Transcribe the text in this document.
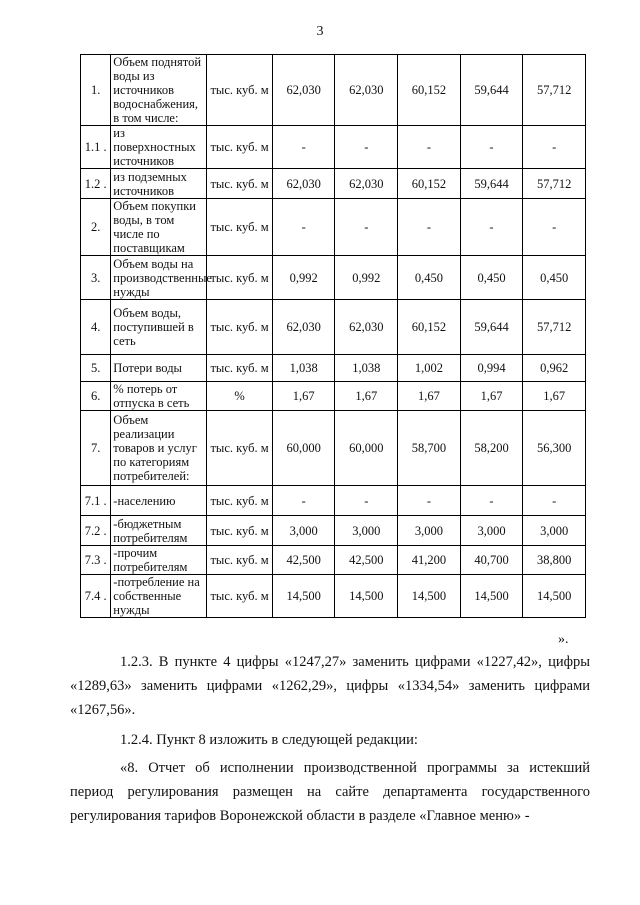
3
1.	Объем поднятой воды из источников водоснабжения, в том числе:	тыс. куб. м	62,030	62,030	60,152	59,644	57,712
1.1 .	из поверхностных источников	тыс. куб. м	-	-	-	-	-
1.2 .	из подземных источников	тыс. куб. м	62,030	62,030	60,152	59,644	57,712
2.	Объем покупки воды, в том числе по поставщикам	тыс. куб. м	-	-	-	-	-
3.	Объем воды на производственные нужды	тыс. куб. м	0,992	0,992	0,450	0,450	0,450
4.	Объем воды, поступившей в сеть	тыс. куб. м	62,030	62,030	60,152	59,644	57,712
5.	Потери воды	тыс. куб. м	1,038	1,038	1,002	0,994	0,962
6.	% потерь от отпуска в сеть	%	1,67	1,67	1,67	1,67	1,67
7.	Объем реализации товаров и услуг по категориям потребителей:	тыс. куб. м	60,000	60,000	58,700	58,200	56,300
7.1 .	-населению	тыс. куб. м	-	-	-	-	-
7.2 .	-бюджетным потребителям	тыс. куб. м	3,000	3,000	3,000	3,000	3,000
7.3 .	-прочим потребителям	тыс. куб. м	42,500	42,500	41,200	40,700	38,800
7.4 .	-потребление на собственные нужды	тыс. куб. м	14,500	14,500	14,500	14,500	14,500
».
1.2.3. В пункте 4 цифры «1247,27» заменить цифрами «1227,42», цифры «1289,63» заменить цифрами «1262,29», цифры «1334,54» заменить цифрами «1267,56».
1.2.4. Пункт 8 изложить в следующей редакции:
«8. Отчет об исполнении производственной программы за истекший период регулирования размещен на сайте департамента государственного регулирования тарифов Воронежской области в разделе «Главное меню» -
